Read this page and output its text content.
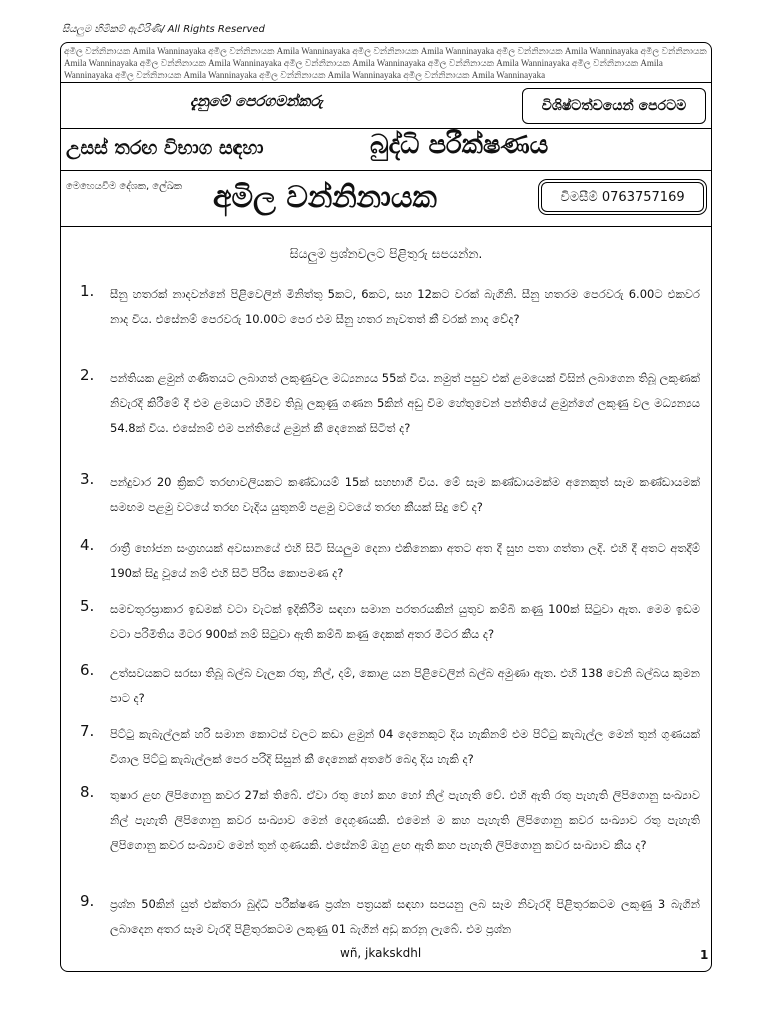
සියලුම හිමිකම් ඇවිරිණි/ All Rights Reserved
අමිල වන්නිනායක Amila Wanninayaka අමිල වන්නිනායක Amila Wanninayaka අමිල වන්නිනායක Amila Wanninayaka අමිල වන්නිනායක Amila Wanninayaka අමිල වන්නිනායක Amila Wanninayaka අමිල වන්නිනායක Amila Wanninayaka අමිල වන්නිනායක Amila Wanninayaka අමිල වන්නිනායක Amila Wanninayaka අමිල වන්නිනායක Amila Wanninayaka අමිල වන්නිනායක Amila Wanninayaka අමිල වන්නිනායක Amila Wanninayaka අමිල වන්නිනායක Amila Wanninayaka
දැනුමේ පෙරගමන්කරු	විශිෂ්ටත්වයෙන් පෙරටම
උසස් තරඟ විභාග සඳහා	බුද්ධි පරීක්ෂණය
මෙහෙයවීම දේශක, ලේඛක අමිල වන්නිනායක	විමසීම් 0763757169
සියලුම ප්‍රශ්නවලට පිළිතුරු සපයන්න.
1. සීනු හතරක් නාදවන්නේ පිළිවෙලින් මිනිත්තු 5කට, 6කට, සහ 12කට වරක් බැගිනි. සීනු හතරම පෙරවරු 6.00ට එකවර නාද විය. එසේනම් පෙරවරු 10.00ට පෙර එම සීනු හතර නැවතත් කී වරක් නාද වේද?
2. පන්තියක ළමුන් ගණිතයට ලබාගත් ලකුණුවල මධ්‍යන්‍යය 55ක් විය. නමුත් පසුව එක් ළමයෙක් විසින් ලබාගෙන තිබූ ලකුණක් නිවැරදි කිරීමේ දී එම ළමයාට හිමිව තිබූ ලකුණු ගණන 5කින් අඩු විම හේතුවෙන් පන්තියේ ළමුන්ගේ ලකුණු වල මධ්‍යන්‍යය 54.8ක් විය. එසේනම් එම පන්තියේ ළමුන් කී දෙනෙක් සිටිත් ද?
3. පන්දුවාර 20 ක්‍රිකට් තරඟාවලියකට කණ්ඩායම් 15ක් සහභාගී විය. මේ සෑම කණ්ඩායමක්ම අනෙකුත් සෑම කණ්ඩායමක් සමඟම පළමු වටයේ තරඟ වැදිය යුතුනම් පළමු වටයේ තරඟ කීයක් සිදු වේ ද?
4. රාත්‍රී භෝජන සංග්‍රහයක් අවසානයේ එහි සිටි සියලුම දෙනා එකිනෙකා අතට අත දී සුභ පතා ගත්තා ලදි. එහි දී අතට අතදීම් 190ක් සිදු වූයේ නම් එහි සිටි පිරිස කොපමණ ද?
5. සමචතුරස්‍රාකාර ඉඩමක් වටා වැටක් ඉදිකිරීම සඳහා සමාන පරතරයකින් යුතුව කම්බි කණු 100ක් සිටුවා ඇත. මෙම ඉඩම වටා පරිමිතිය මීටර 900ක් නම් සිටුවා ඇති කම්බි කණු දෙකක් අතර මීටර කීය ද?
6. උත්සවයකට සරසා තිබූ බල්බ වැලක රතු, නිල්, දම්, කොළ යන පිළිවෙලින් බල්බ අමුණා ඇත. එහි 138 වෙනි බල්බය කුමන පාට ද?
7. පිට්ටු කැබැල්ලක් හරි සමාන කොටස් වලට කඩා ළමුන් 04 දෙනෙකුට දිය හැකිනම් එම පිට්ටු කැබැල්ල මෙන් තුන් ගුණයක් විශාල පිට්ටු කැබැල්ලක් පෙර පරිදි සිසුන් කී දෙනෙක් අතරේ බෙදා දිය හැකි ද?
8. තුෂාර ළඟ ලිපිගොනු කවර 27ක් තිබේ. ඒවා රතු හෝ කහ හෝ නිල් පැහැති වේ. එහි ඇති රතු පැහැති ලිපිගොනු සංඛ්‍යාව නිල් පැහැති ලිපිගොනු කවර සංඛ්‍යාව මෙන් දෙගුණයකි. එමෙන් ම කහ පැහැති ලිපිගොනු කවර සංඛ්‍යාව රතු පැහැති ලිපිගොනු කවර සංඛ්‍යාව මෙන් තුන් ගුණයකි. එසේනම් ඔහු ළඟ ඇති කහ පැහැති ලිපිගොනු කවර සංඛ්‍යාව කීය ද?
9. ප්‍රශ්න 50කින් යුත් එක්තරා බුද්ධි පරීක්ෂණ ප්‍රශ්න පත්‍රයක් සඳහා සපයනු ලබ සෑම නිවැරදි පිළිතුරකටම ලකුණු 3 බැගින් ලබාදෙන අතර සෑම වැරදි පිළිතුරකටම ලකුණු 01 බැගින් අඩු කරනු ලැබේ. එම ප්‍රශ්න
wñ, jkakskdhl	1
